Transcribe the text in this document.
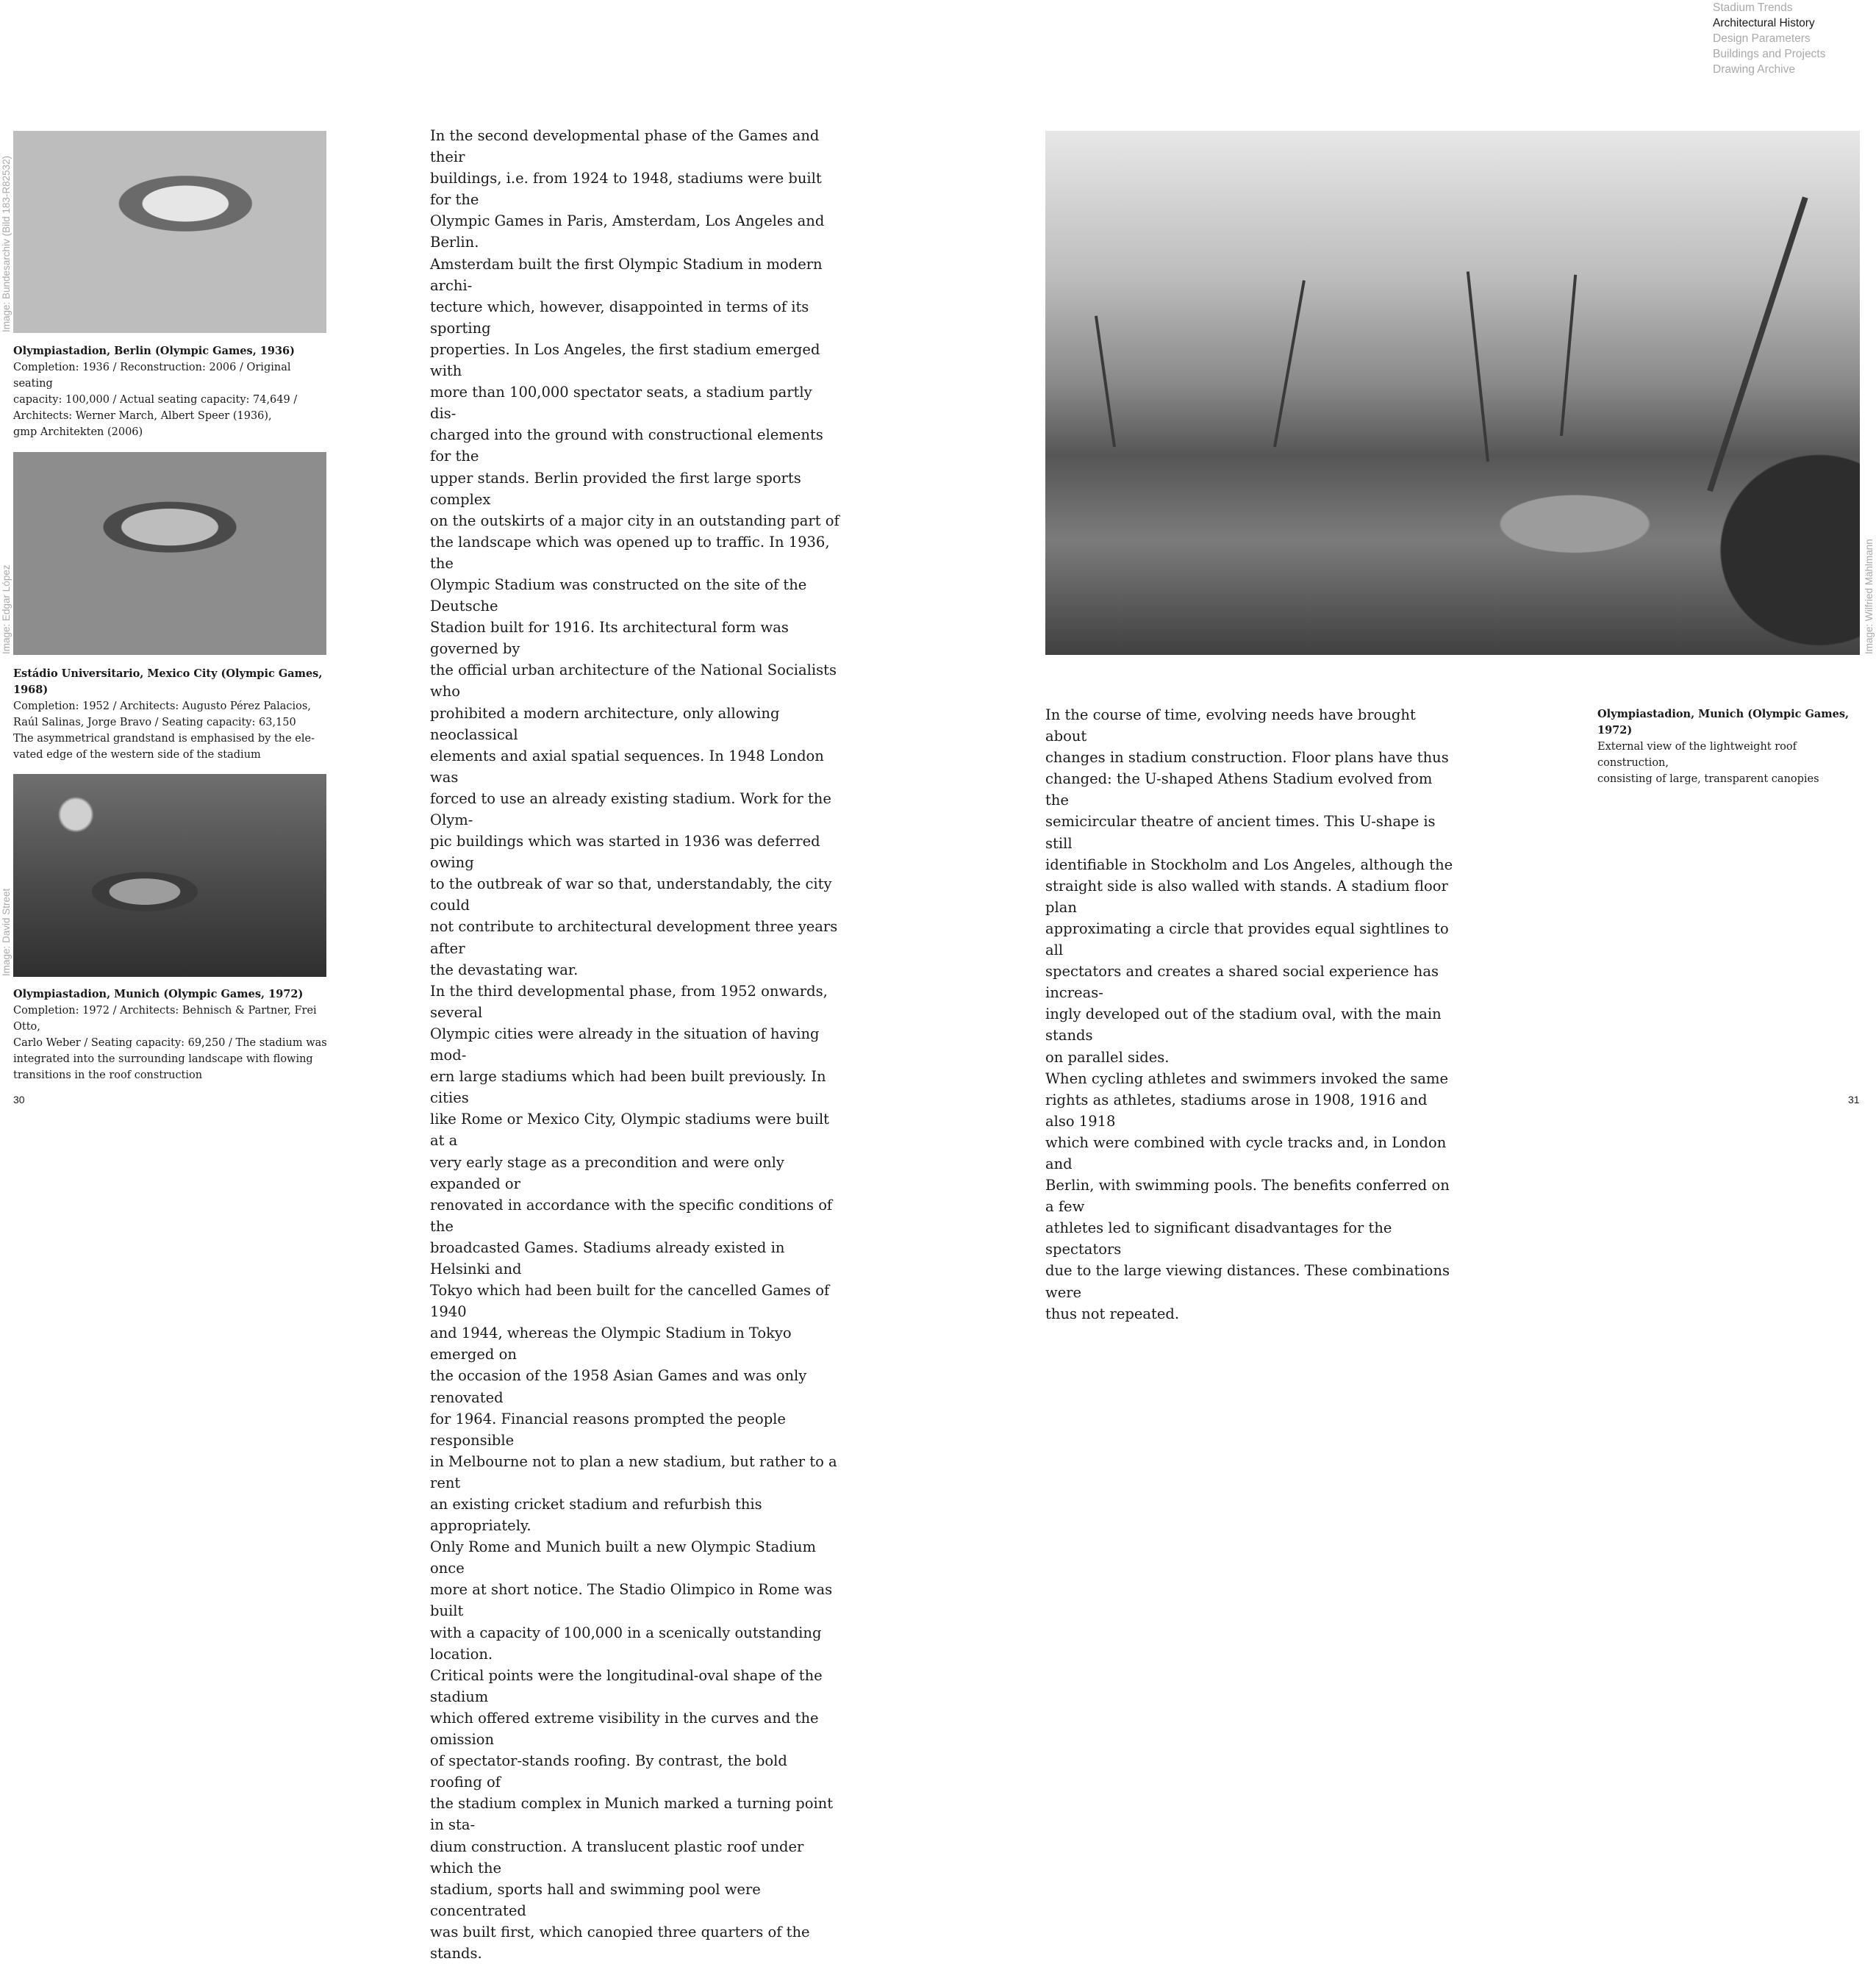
Stadium Trends
Architectural History
Design Parameters
Buildings and Projects
Drawing Archive
Image: Bundesarchiv (Bild 183-R82532)
Olympiastadion, Berlin (Olympic Games, 1936)
Completion: 1936 / Reconstruction: 2006 / Original seating
capacity: 100,000 / Actual seating capacity: 74,649 /
Architects: Werner March, Albert Speer (1936),
gmp Architekten (2006)
Image: Edgar López
Estádio Universitario, Mexico City (Olympic Games, 1968)
Completion: 1952 / Architects: Augusto Pérez Palacios,
Raúl Salinas, Jorge Bravo / Seating capacity: 63,150
The asymmetrical grandstand is emphasised by the ele-
vated edge of the western side of the stadium
Image: David Street
Olympiastadion, Munich (Olympic Games, 1972)
Completion: 1972 / Architects: Behnisch & Partner, Frei Otto,
Carlo Weber / Seating capacity: 69,250 / The stadium was
integrated into the surrounding landscape with flowing
transitions in the roof construction

In the second developmental phase of the Games and their
buildings, i.e. from 1924 to 1948, stadiums were built for the
Olympic Games in Paris, Amsterdam, Los Angeles and Berlin.
Amsterdam built the first Olympic Stadium in modern archi-
tecture which, however, disappointed in terms of its sporting
properties. In Los Angeles, the first stadium emerged with
more than 100,000 spectator seats, a stadium partly dis-
charged into the ground with constructional elements for the
upper stands. Berlin provided the first large sports complex
on the outskirts of a major city in an outstanding part of
the landscape which was opened up to traffic. In 1936, the
Olympic Stadium was constructed on the site of the Deutsche
Stadion built for 1916. Its architectural form was governed by
the official urban architecture of the National Socialists who
prohibited a modern architecture, only allowing neoclassical
elements and axial spatial sequences. In 1948 London was
forced to use an already existing stadium. Work for the Olym-
pic buildings which was started in 1936 was deferred owing
to the outbreak of war so that, understandably, the city could
not contribute to architectural development three years after
the devastating war.

In the third developmental phase, from 1952 onwards, several
Olympic cities were already in the situation of having mod-
ern large stadiums which had been built previously. In cities
like Rome or Mexico City, Olympic stadiums were built at a
very early stage as a precondition and were only expanded or
renovated in accordance with the specific conditions of the
broadcasted Games. Stadiums already existed in Helsinki and
Tokyo which had been built for the cancelled Games of 1940
and 1944, whereas the Olympic Stadium in Tokyo emerged on
the occasion of the 1958 Asian Games and was only renovated
for 1964. Financial reasons prompted the people responsible
in Melbourne not to plan a new stadium, but rather to a rent
an existing cricket stadium and refurbish this appropriately.
Only Rome and Munich built a new Olympic Stadium once
more at short notice. The Stadio Olimpico in Rome was built
with a capacity of 100,000 in a scenically outstanding location.
Critical points were the longitudinal-oval shape of the stadium
which offered extreme visibility in the curves and the omission
of spectator-stands roofing. By contrast, the bold roofing of
the stadium complex in Munich marked a turning point in sta-
dium construction. A translucent plastic roof under which the
stadium, sports hall and swimming pool were concentrated
was built first, which canopied three quarters of the stands.

30
Image: Wilfried Mählmann

In the course of time, evolving needs have brought about
changes in stadium construction. Floor plans have thus
changed: the U-shaped Athens Stadium evolved from the
semicircular theatre of ancient times. This U-shape is still
identifiable in Stockholm and Los Angeles, although the
straight side is also walled with stands. A stadium floor plan
approximating a circle that provides equal sightlines to all
spectators and creates a shared social experience has increas-
ingly developed out of the stadium oval, with the main stands
on parallel sides.

When cycling athletes and swimmers invoked the same
rights as athletes, stadiums arose in 1908, 1916 and also 1918
which were combined with cycle tracks and, in London and
Berlin, with swimming pools. The benefits conferred on a few
athletes led to significant disadvantages for the spectators
due to the large viewing distances. These combinations were
thus not repeated.

Olympiastadion, Munich (Olympic Games, 1972)
External view of the lightweight roof construction,
consisting of large, transparent canopies
31
